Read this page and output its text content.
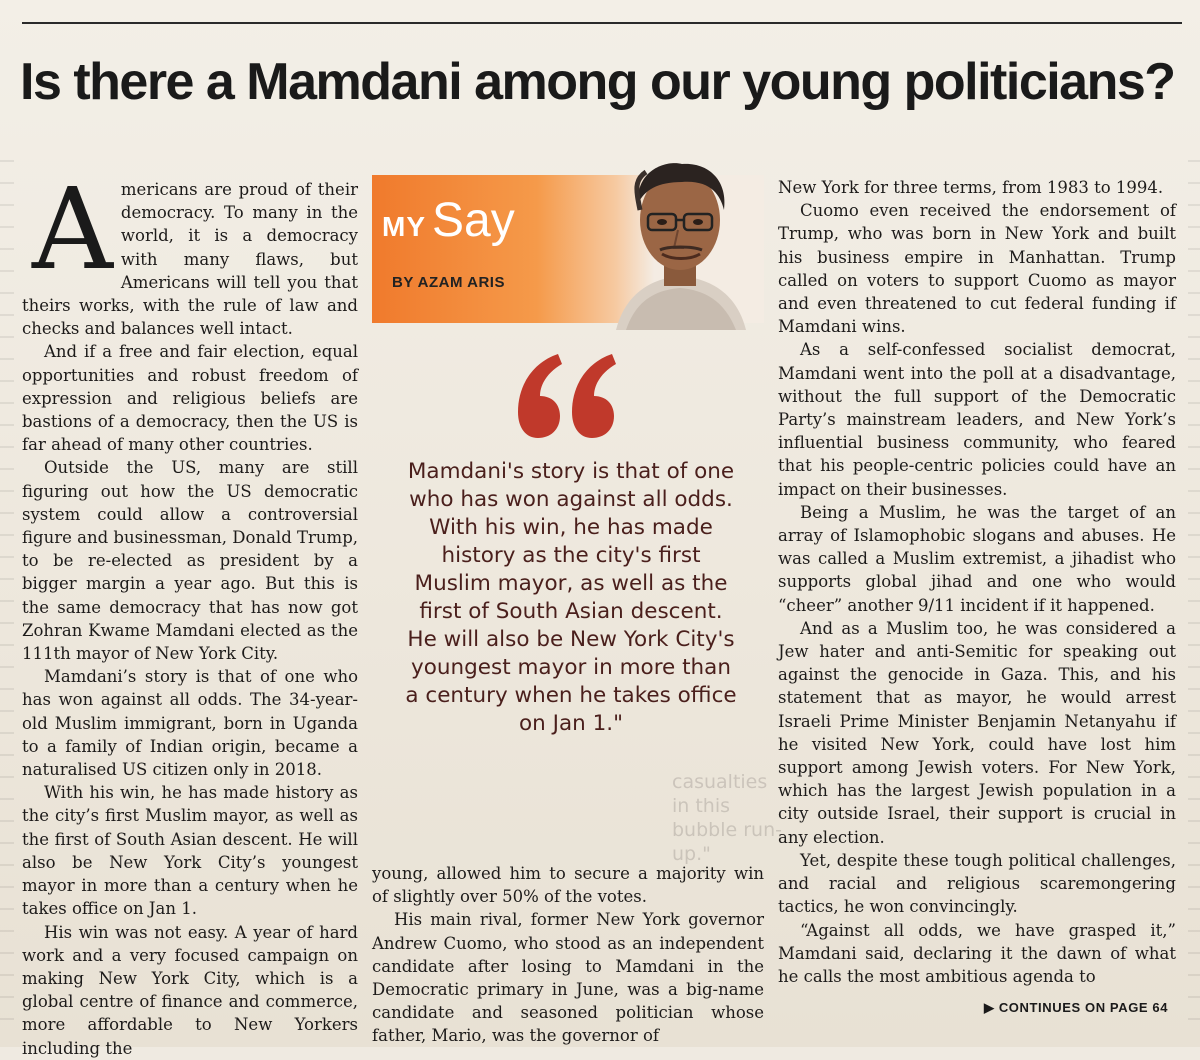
Is there a Mamdani among our young politicians?

Americans are proud of their democracy. To many in the world, it is a democracy with many flaws, but Americans will tell you that theirs works, with the rule of law and checks and balances well intact.

And if a free and fair election, equal opportunities and robust freedom of expression and religious beliefs are bastions of a democracy, then the US is far ahead of many other countries.

Outside the US, many are still figuring out how the US democratic system could allow a controversial figure and businessman, Donald Trump, to be re-elected as president by a bigger margin a year ago. But this is the same democracy that has now got Zohran Kwame Mamdani elected as the 111th mayor of New York City.

Mamdani’s story is that of one who has won against all odds. The 34-year-old Muslim immigrant, born in Uganda to a family of Indian origin, became a naturalised US citizen only in 2018.

With his win, he has made history as the city’s first Muslim mayor, as well as the first of South Asian descent. He will also be New York City’s youngest mayor in more than a century when he takes office on Jan 1.

His win was not easy. A year of hard work and a very focused campaign on making New York City, which is a global centre of finance and commerce, more affordable to New Yorkers including the

MY Say
BY AZAM ARIS

Mamdani's story is that of one who has won against all odds. With his win, he has made history as the city's first Muslim mayor, as well as the first of South Asian descent. He will also be New York City's youngest mayor in more than a century when he takes office on Jan 1."

casualties in this bubble run-up."

young, allowed him to secure a majority win of slightly over 50% of the votes.

His main rival, former New York governor Andrew Cuomo, who stood as an independent candidate after losing to Mamdani in the Democratic primary in June, was a big-name candidate and seasoned politician whose father, Mario, was the governor of

New York for three terms, from 1983 to 1994.

Cuomo even received the endorsement of Trump, who was born in New York and built his business empire in Manhattan. Trump called on voters to support Cuomo as mayor and even threatened to cut federal funding if Mamdani wins.

As a self-confessed socialist democrat, Mamdani went into the poll at a disadvantage, without the full support of the Democratic Party’s mainstream leaders, and New York’s influential business community, who feared that his people-centric policies could have an impact on their businesses.

Being a Muslim, he was the target of an array of Islamophobic slogans and abuses. He was called a Muslim extremist, a jihadist who supports global jihad and one who would “cheer” another 9/11 incident if it happened.

And as a Muslim too, he was considered a Jew hater and anti-Semitic for speaking out against the genocide in Gaza. This, and his statement that as mayor, he would arrest Israeli Prime Minister Benjamin Netanyahu if he visited New York, could have lost him support among Jewish voters. For New York, which has the largest Jewish population in a city outside Israel, their support is crucial in any election.

Yet, despite these tough political challenges, and racial and religious scaremongering tactics, he won convincingly.

“Against all odds, we have grasped it,” Mamdani said, declaring it the dawn of what he calls the most ambitious agenda to

▶ CONTINUES ON PAGE 64
